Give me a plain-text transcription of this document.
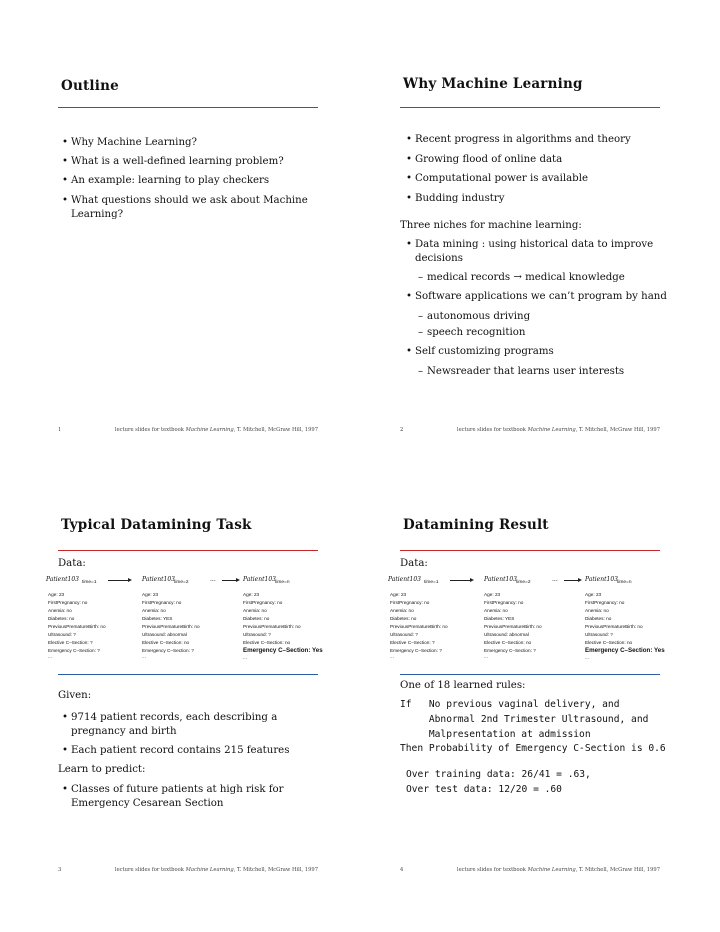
Outline
• Why Machine Learning?
• What is a well-defined learning problem?
• An example: learning to play checkers
• What questions should we ask about Machine
Learning?
1	lecture slides for textbook Machine Learning, T. Mitchell, McGraw Hill, 1997
Why Machine Learning
• Recent progress in algorithms and theory
• Growing flood of online data
• Computational power is available
• Budding industry
Three niches for machine learning:
• Data mining : using historical data to improve
decisions
– medical records → medical knowledge
• Software applications we can’t program by hand
– autonomous driving
– speech recognition
• Self customizing programs
– Newsreader that learns user interests
2	lecture slides for textbook Machine Learning, T. Mitchell, McGraw Hill, 1997
Typical Datamining Task
Data:
Patient103 time=1
Age: 23
FirstPregnancy: no
Anemia: no
Diabetes: no
PreviousPrematureBirth: no
Ultrasound: ?
Elective C–Section: ?
Emergency C–Section: ?
...
Patient103 time=2
Age: 23
FirstPregnancy: no
Anemia: no
Diabetes: YES
PreviousPrematureBirth: no
Ultrasound: abnormal
Elective C–Section: no
Emergency C–Section: ?
...
...	Patient103 time=n
Age: 23
FirstPregnancy: no
Anemia: no
Diabetes: no
PreviousPrematureBirth: no
Ultrasound: ?
Elective C–Section: no
Emergency C–Section: Yes
...
Given:
• 9714 patient records, each describing a
pregnancy and birth
• Each patient record contains 215 features
Learn to predict:
• Classes of future patients at high risk for
Emergency Cesarean Section
3	lecture slides for textbook Machine Learning, T. Mitchell, McGraw Hill, 1997
Datamining Result
Data:
Patient103 time=1
Age: 23
FirstPregnancy: no
Anemia: no
Diabetes: no
PreviousPrematureBirth: no
Ultrasound: ?
Elective C–Section: ?
Emergency C–Section: ?
...
Patient103 time=2
Age: 23
FirstPregnancy: no
Anemia: no
Diabetes: YES
PreviousPrematureBirth: no
Ultrasound: abnormal
Elective C–Section: no
Emergency C–Section: ?
...
...	Patient103 time=n
Age: 23
FirstPregnancy: no
Anemia: no
Diabetes: no
PreviousPrematureBirth: no
Ultrasound: ?
Elective C–Section: no
Emergency C–Section: Yes
...
One of 18 learned rules:
If   No previous vaginal delivery, and
Abnormal 2nd Trimester Ultrasound, and
Malpresentation at admission
Then Probability of Emergency C-Section is 0.6
Over training data: 26/41 = .63,
Over test data: 12/20 = .60
4	lecture slides for textbook Machine Learning, T. Mitchell, McGraw Hill, 1997
